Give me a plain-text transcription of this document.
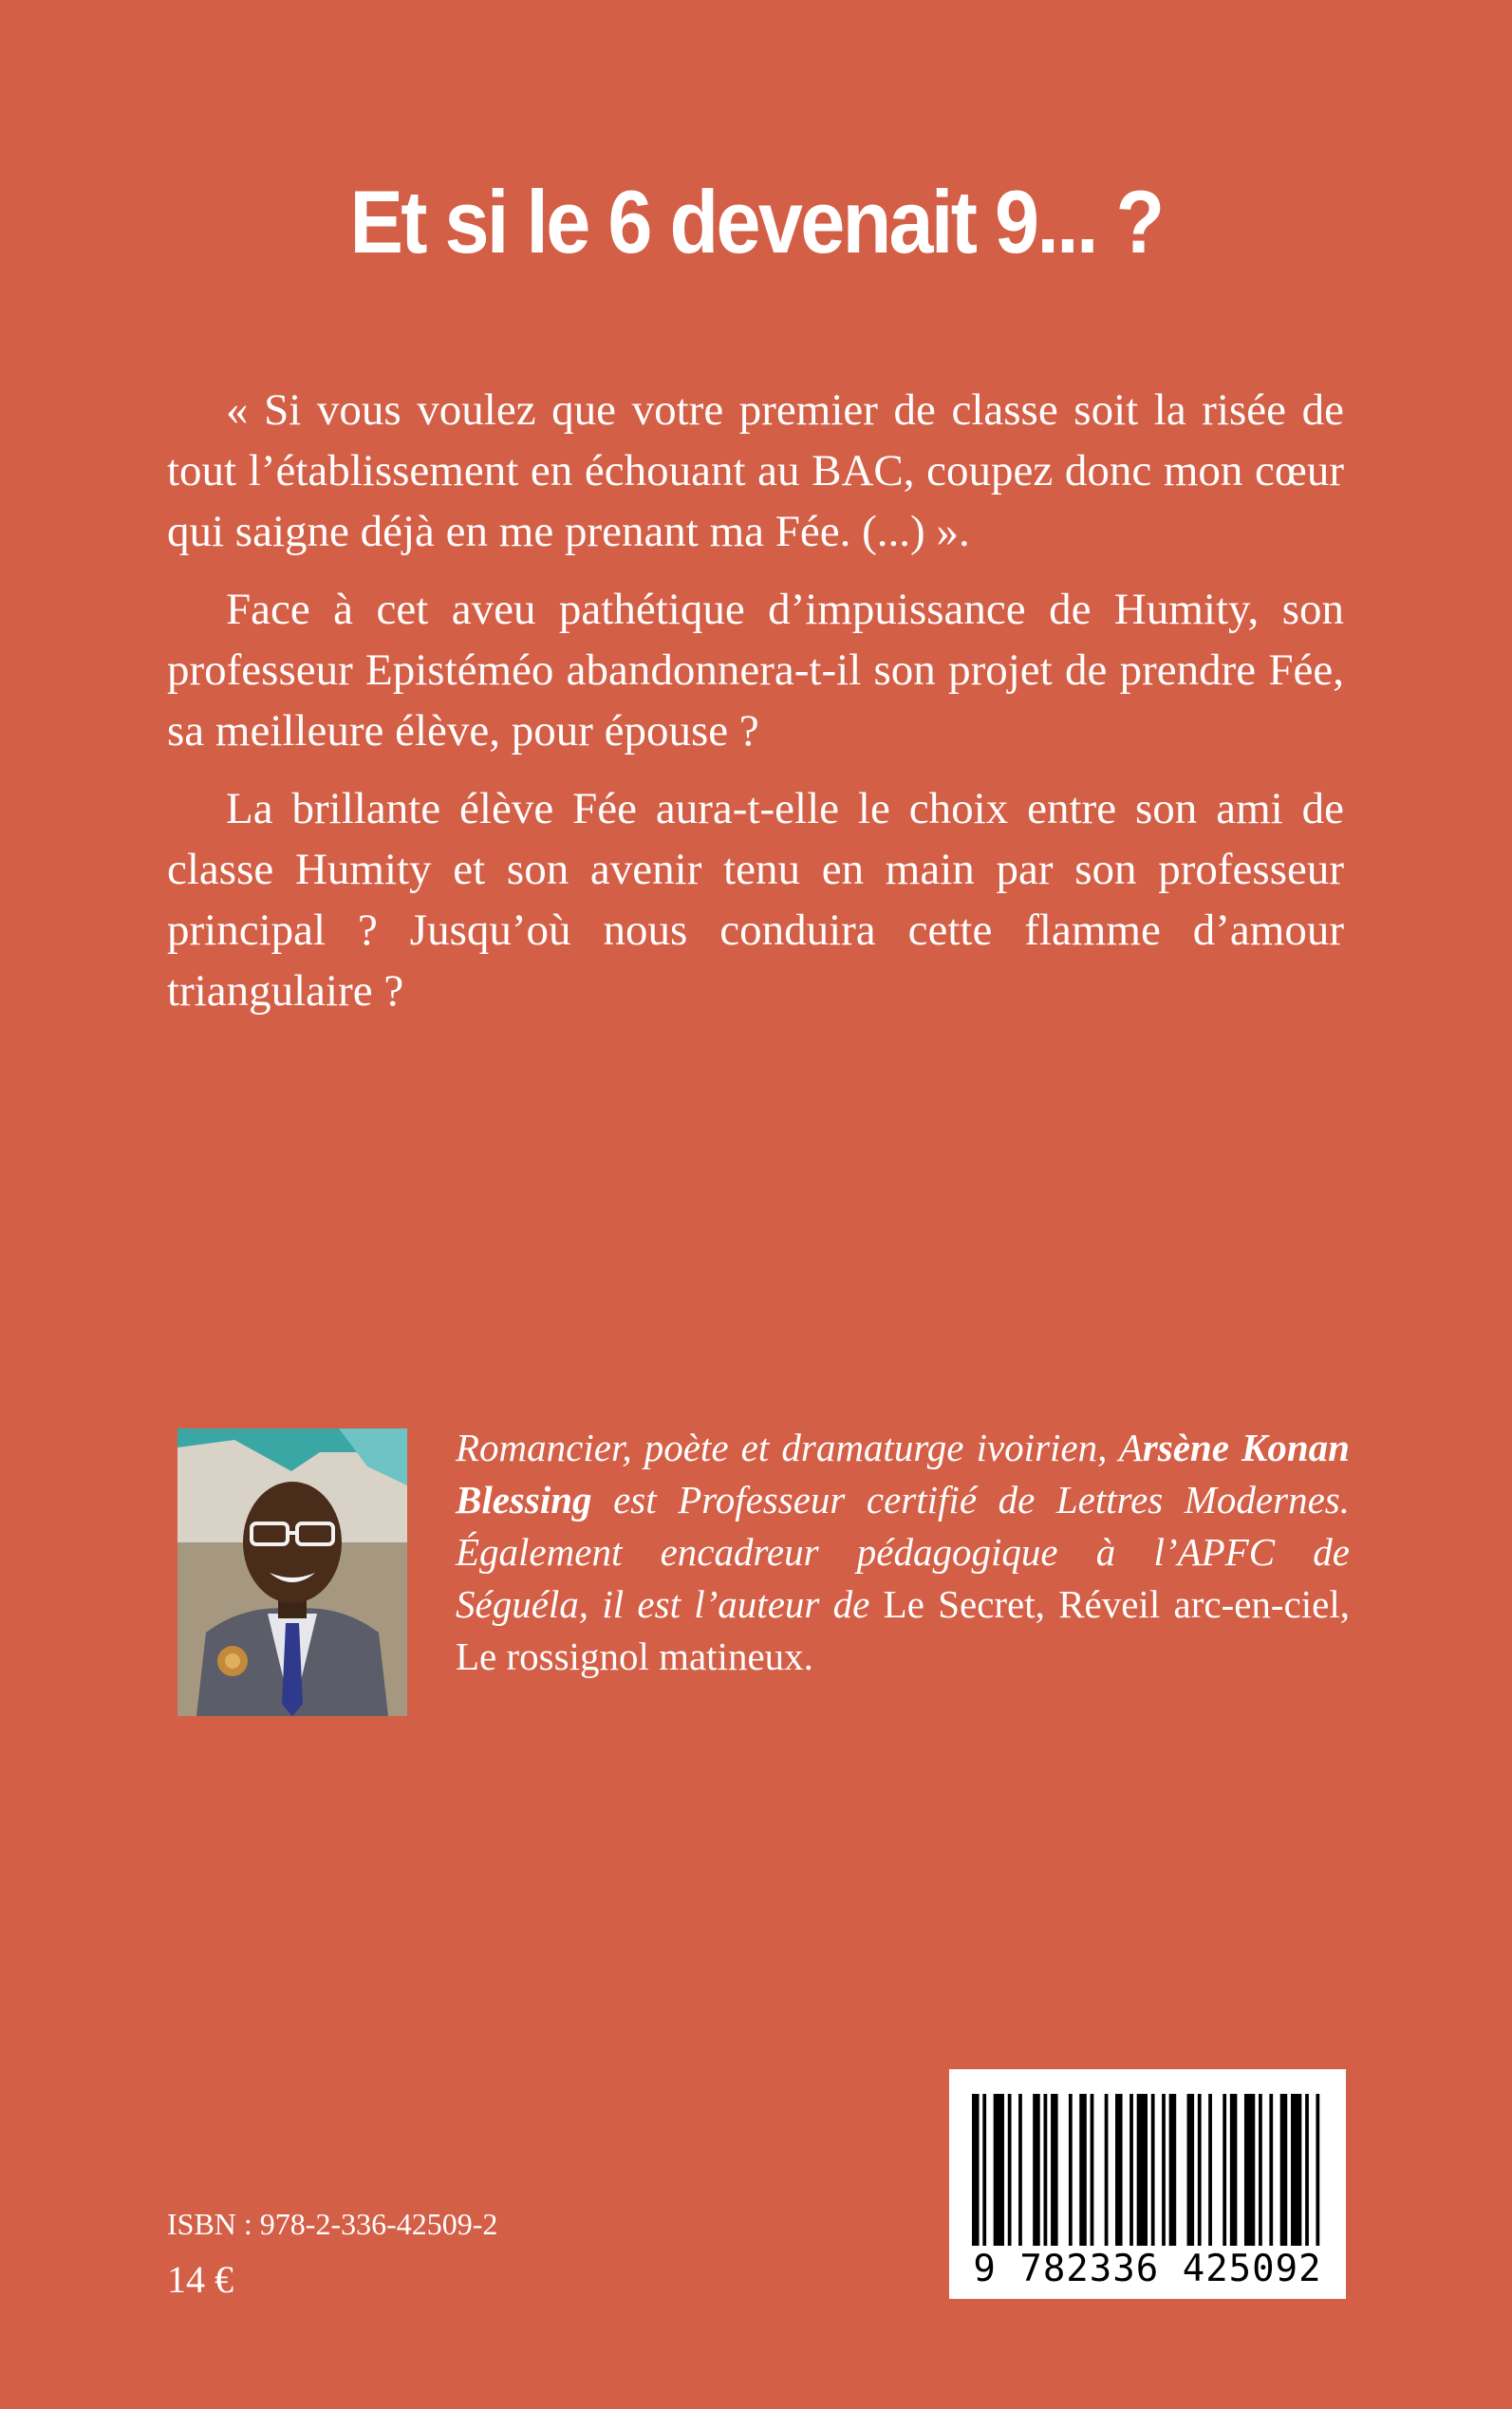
Et si le 6 devenait 9... ?

« Si vous voulez que votre premier de classe soit la risée de tout l’établissement en échouant au BAC, coupez donc mon cœur qui saigne déjà en me prenant ma Fée. (...) ».

Face à cet aveu pathétique d’impuissance de Humity, son professeur Epistéméo abandonnera-t-il son projet de prendre Fée, sa meilleure élève, pour épouse ?

La brillante élève Fée aura-t-elle le choix entre son ami de classe Humity et son avenir tenu en main par son professeur principal ? Jusqu’où nous conduira cette flamme d’amour triangulaire ?

Romancier, poète et dramaturge ivoirien, Arsène Konan Blessing est Professeur certifié de Lettres Modernes. Également encadreur pédagogique à l’APFC de Séguéla, il est l’auteur de Le Secret, Réveil arc-en-ciel, Le rossignol matineux.
ISBN : 978-2-336-42509-2
14 €	9 782336 425092
